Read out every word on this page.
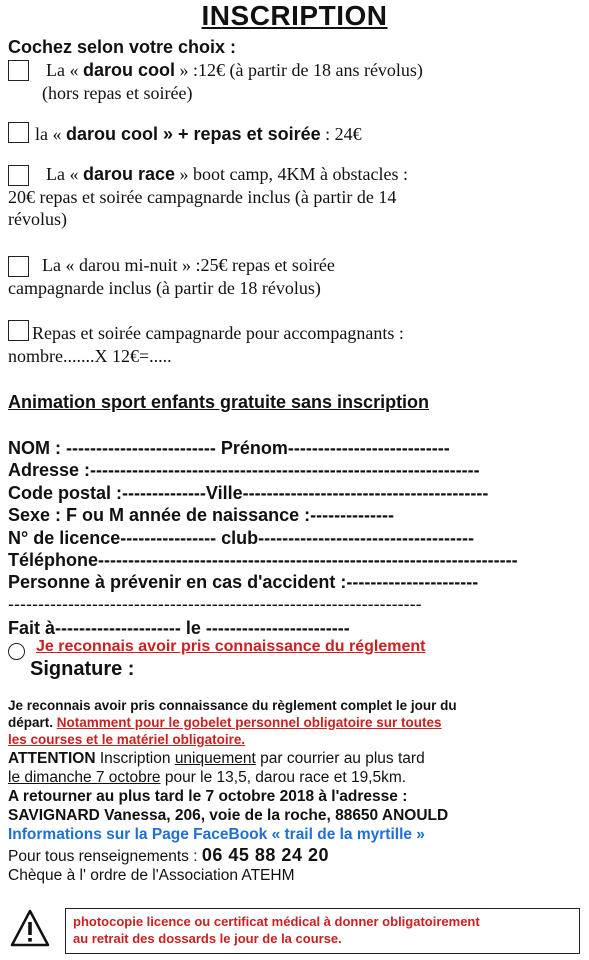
INSCRIPTION
Cochez selon votre choix :
La « darou cool » :12€ (à partir de 18 ans révolus)
(hors repas et soirée)
la « darou cool » + repas et soirée : 24€
La « darou race » boot camp, 4KM à obstacles :
20€ repas et soirée campagnarde inclus (à partir de 14
révolus)
La « darou mi-nuit » :25€ repas et soirée
campagnarde inclus (à partir de 18 révolus)
Repas et soirée campagnarde pour accompagnants :
nombre.......X 12€=.....
Animation sport enfants gratuite sans inscription
NOM : ------------------------- Prénom---------------------------
Adresse :-----------------------------------------------------------------
Code postal :--------------Ville-----------------------------------------
Sexe : F ou M année de naissance :--------------
N° de licence---------------- club------------------------------------
Téléphone----------------------------------------------------------------------
Personne à prévenir en cas d'accident :----------------------
---------------------------------------------------------------------
Fait à--------------------- le ------------------------
Je reconnais avoir pris connaissance du réglement
Signature :
Je reconnais avoir pris connaissance du règlement complet le jour du
départ. Notamment pour le gobelet personnel obligatoire sur toutes
les courses et le matériel obligatoire.
ATTENTION Inscription uniquement par courrier au plus tard
le dimanche 7 octobre pour le 13,5, darou race et 19,5km.
A retourner au plus tard le 7 octobre 2018 à l'adresse :
SAVIGNARD Vanessa, 206, voie de la roche, 88650 ANOULD
Informations sur la Page FaceBook « trail de la myrtille »
Pour tous renseignements : 06 45 88 24 20
Chèque à l' ordre de l'Association ATEHM
photocopie licence ou certificat médical à donner obligatoirement
au retrait des dossards le jour de la course.
